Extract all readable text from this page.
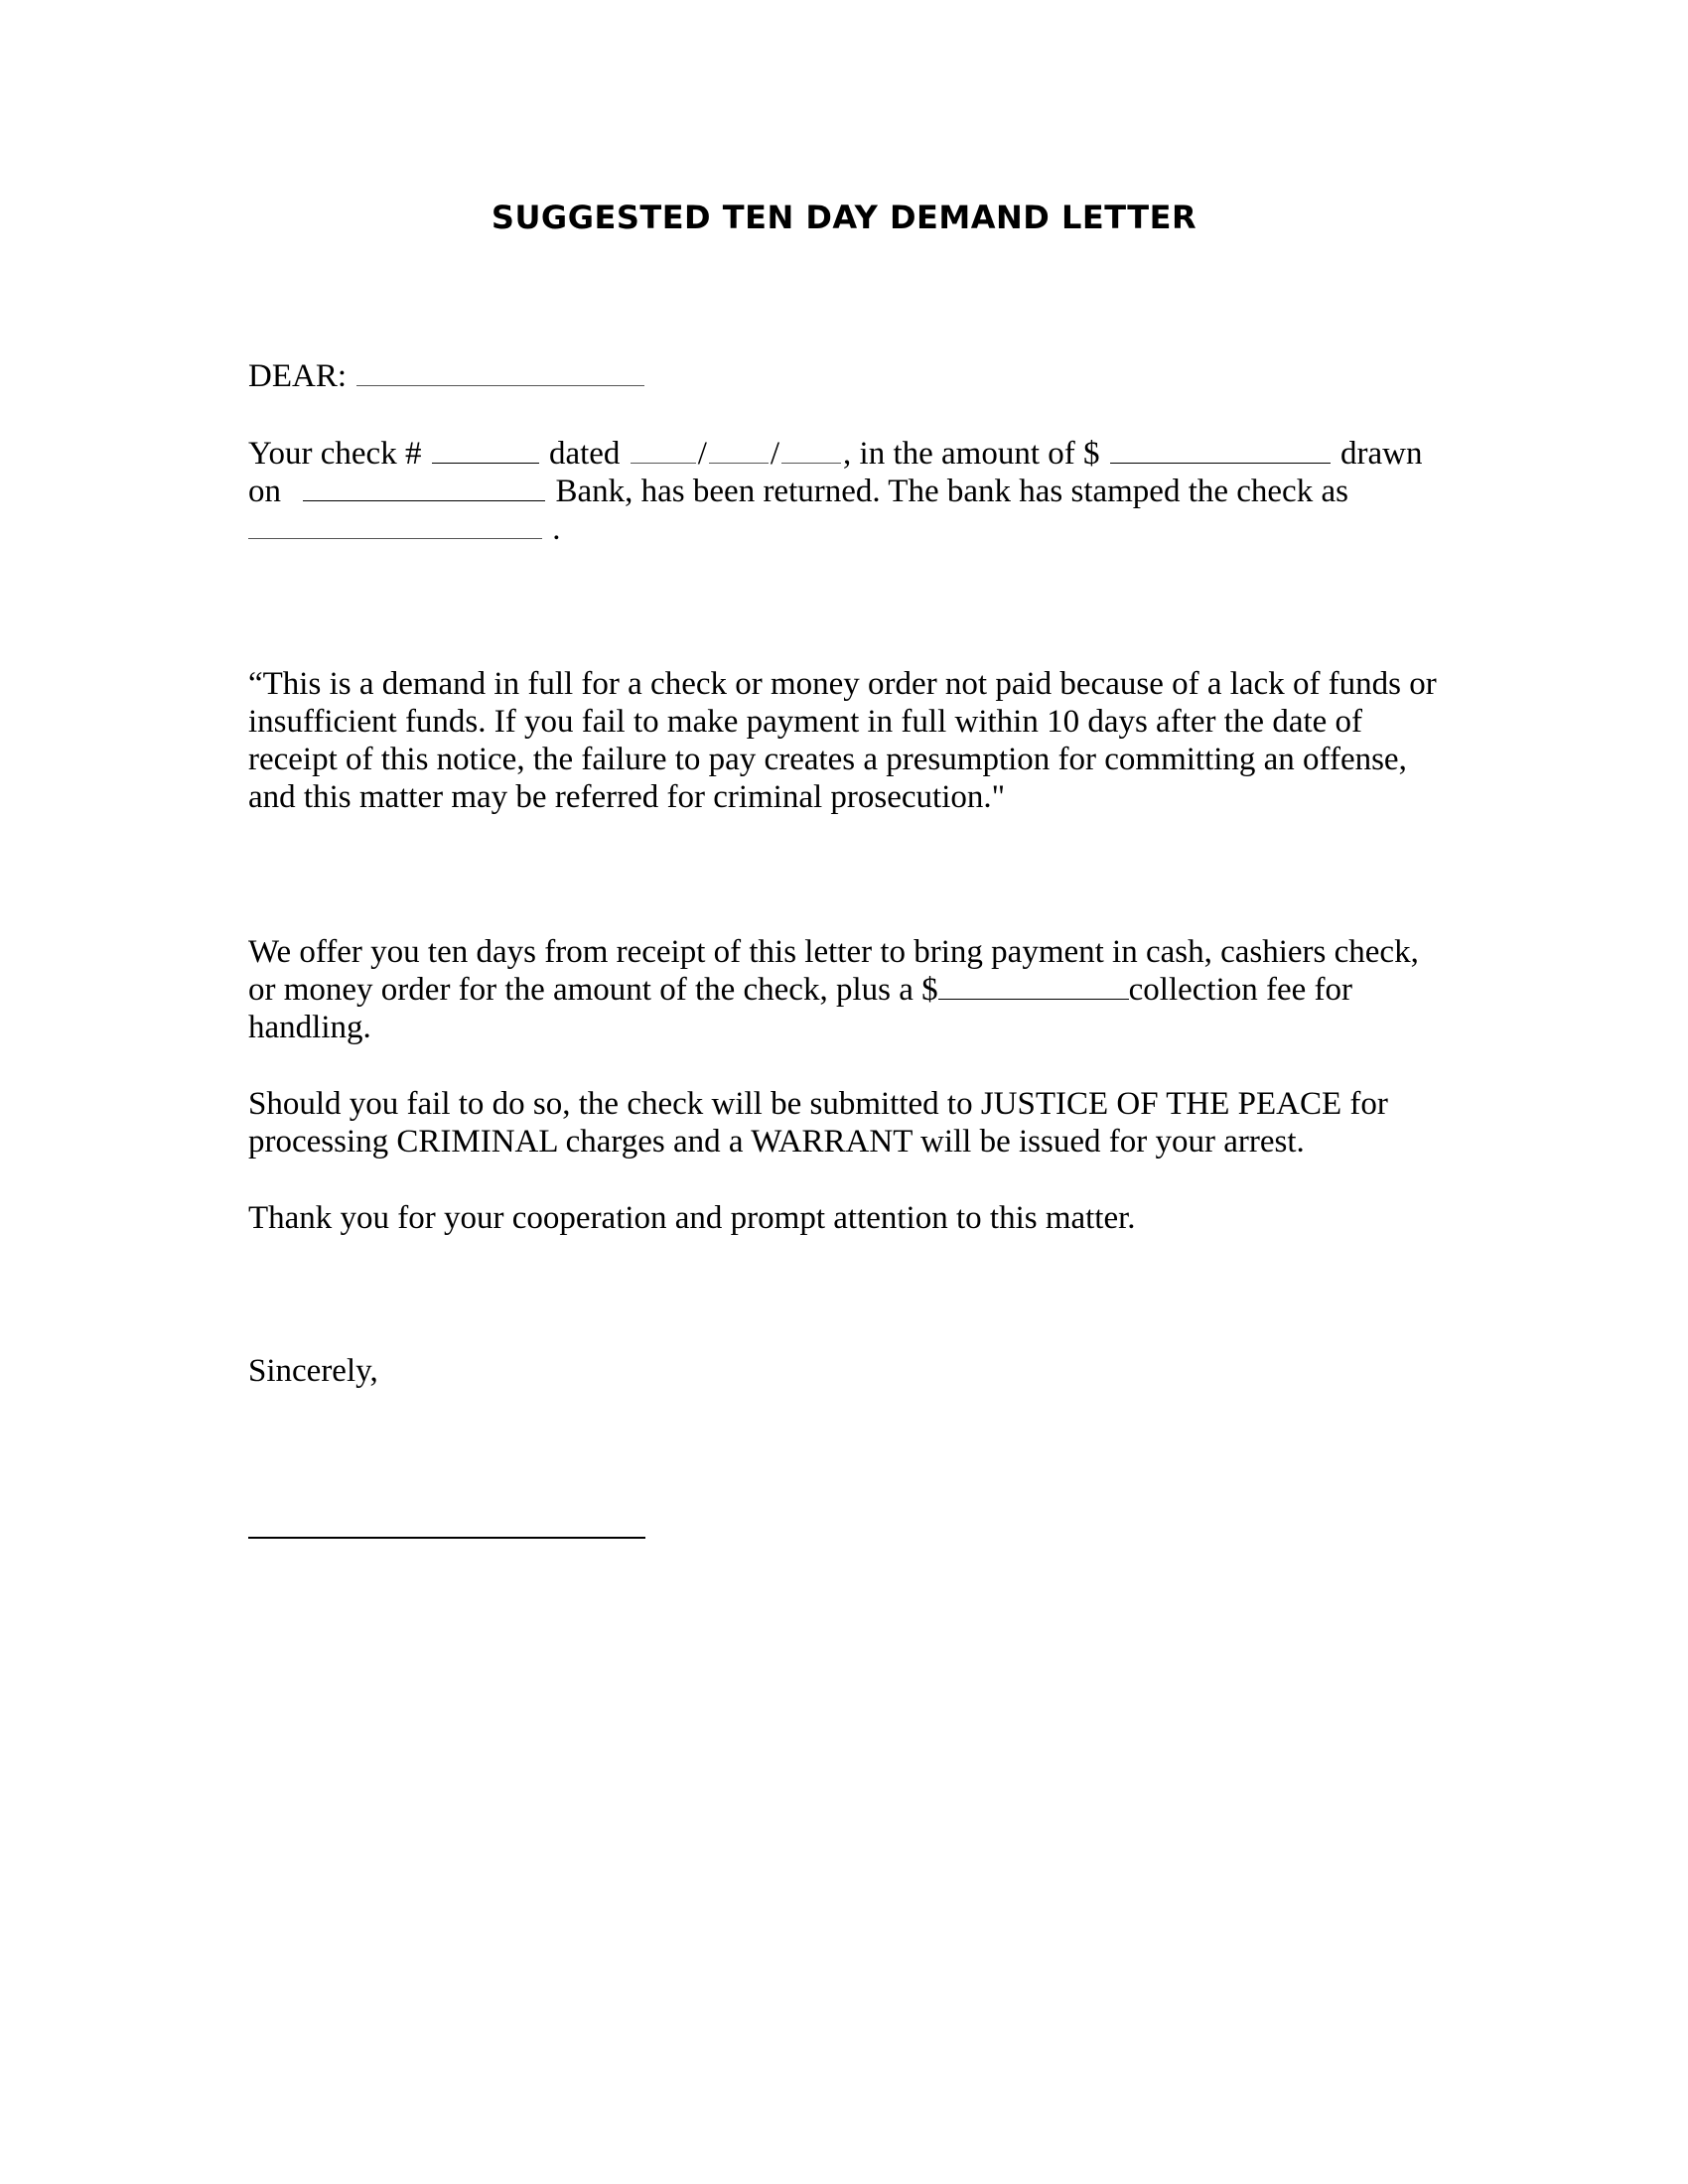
SUGGESTED TEN DAY DEMAND LETTER
DEAR:
Your check #	dated / / , in the amount of $	drawn
on	Bank, has been returned. The bank has stamped the check as
.
“This is a demand in full for a check or money order not paid because of a lack of funds or insufficient funds. If you fail to make payment in full within 10 days after the date of receipt of this notice, the failure to pay creates a presumption for committing an offense, and this matter may be referred for criminal prosecution."
We offer you ten days from receipt of this letter to bring payment in cash, cashiers check, or money order for the amount of the check, plus a $	collection fee for handling.
Should you fail to do so, the check will be submitted to JUSTICE OF THE PEACE for processing CRIMINAL charges and a WARRANT will be issued for your arrest.
Thank you for your cooperation and prompt attention to this matter.
Sincerely,
